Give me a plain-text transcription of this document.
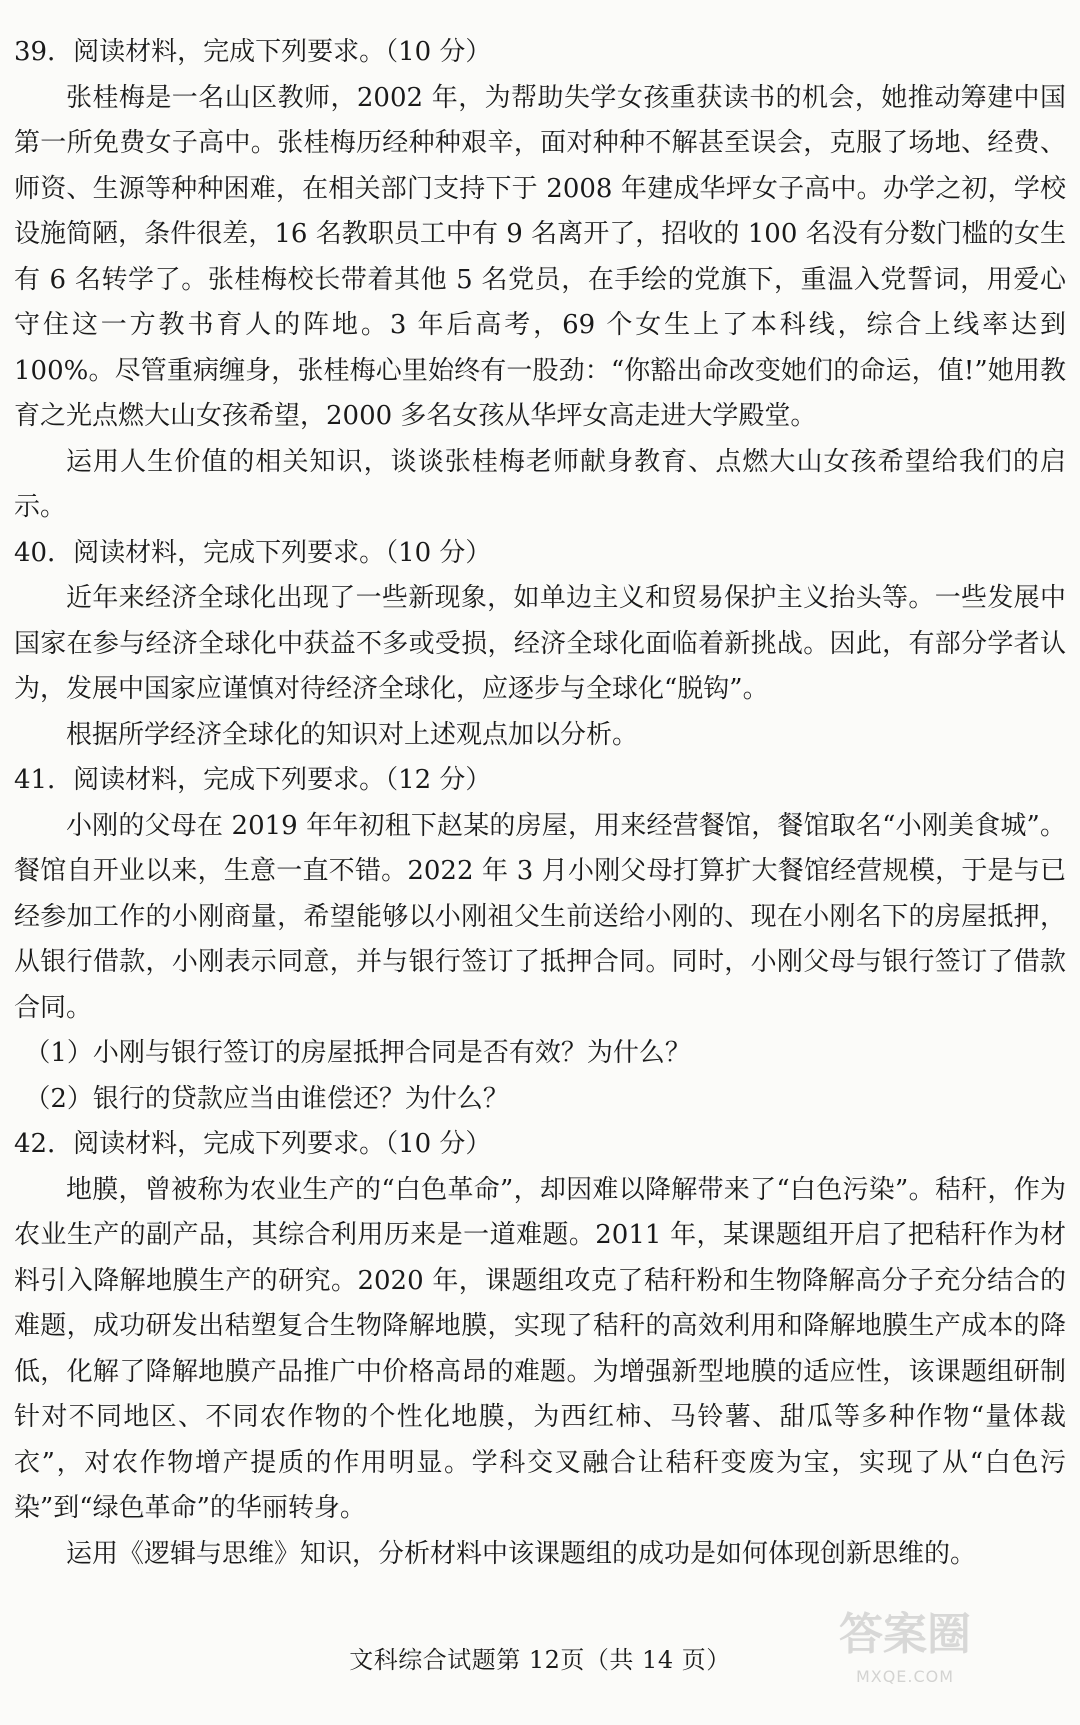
39．阅读材料，完成下列要求。（10 分）

张桂梅是一名山区教师，2002 年，为帮助失学女孩重获读书的机会，她推动筹建中国第一所免费女子高中。张桂梅历经种种艰辛，面对种种不解甚至误会，克服了场地、经费、师资、生源等种种困难，在相关部门支持下于 2008 年建成华坪女子高中。办学之初，学校设施简陋，条件很差，16 名教职员工中有 9 名离开了，招收的 100 名没有分数门槛的女生有 6 名转学了。张桂梅校长带着其他 5 名党员，在手绘的党旗下，重温入党誓词，用爱心守住这一方教书育人的阵地。3 年后高考，69 个女生上了本科线，综合上线率达到 100%。尽管重病缠身，张桂梅心里始终有一股劲：“你豁出命改变她们的命运，值!”她用教育之光点燃大山女孩希望，2000 多名女孩从华坪女高走进大学殿堂。

运用人生价值的相关知识，谈谈张桂梅老师献身教育、点燃大山女孩希望给我们的启示。

40．阅读材料，完成下列要求。（10 分）

近年来经济全球化出现了一些新现象，如单边主义和贸易保护主义抬头等。一些发展中国家在参与经济全球化中获益不多或受损，经济全球化面临着新挑战。因此，有部分学者认为，发展中国家应谨慎对待经济全球化，应逐步与全球化“脱钩”。

根据所学经济全球化的知识对上述观点加以分析。

41．阅读材料，完成下列要求。（12 分）

小刚的父母在 2019 年年初租下赵某的房屋，用来经营餐馆，餐馆取名“小刚美食城”。餐馆自开业以来，生意一直不错。2022 年 3 月小刚父母打算扩大餐馆经营规模，于是与已经参加工作的小刚商量，希望能够以小刚祖父生前送给小刚的、现在小刚名下的房屋抵押，从银行借款，小刚表示同意，并与银行签订了抵押合同。同时，小刚父母与银行签订了借款合同。

（1）小刚与银行签订的房屋抵押合同是否有效？为什么？

（2）银行的贷款应当由谁偿还？为什么？

42．阅读材料，完成下列要求。（10 分）

地膜，曾被称为农业生产的“白色革命”，却因难以降解带来了“白色污染”。秸秆，作为农业生产的副产品，其综合利用历来是一道难题。2011 年，某课题组开启了把秸秆作为材料引入降解地膜生产的研究。2020 年，课题组攻克了秸秆粉和生物降解高分子充分结合的难题，成功研发出秸塑复合生物降解地膜，实现了秸秆的高效利用和降解地膜生产成本的降低，化解了降解地膜产品推广中价格高昂的难题。为增强新型地膜的适应性，该课题组研制针对不同地区、不同农作物的个性化地膜，为西红柿、马铃薯、甜瓜等多种作物“量体裁衣”，对农作物增产提质的作用明显。学科交叉融合让秸秆变废为宝，实现了从“白色污染”到“绿色革命”的华丽转身。

运用《逻辑与思维》知识，分析材料中该课题组的成功是如何体现创新思维的。

文科综合试题第 12页（共 14 页）	答案圈
MXQE.COM
